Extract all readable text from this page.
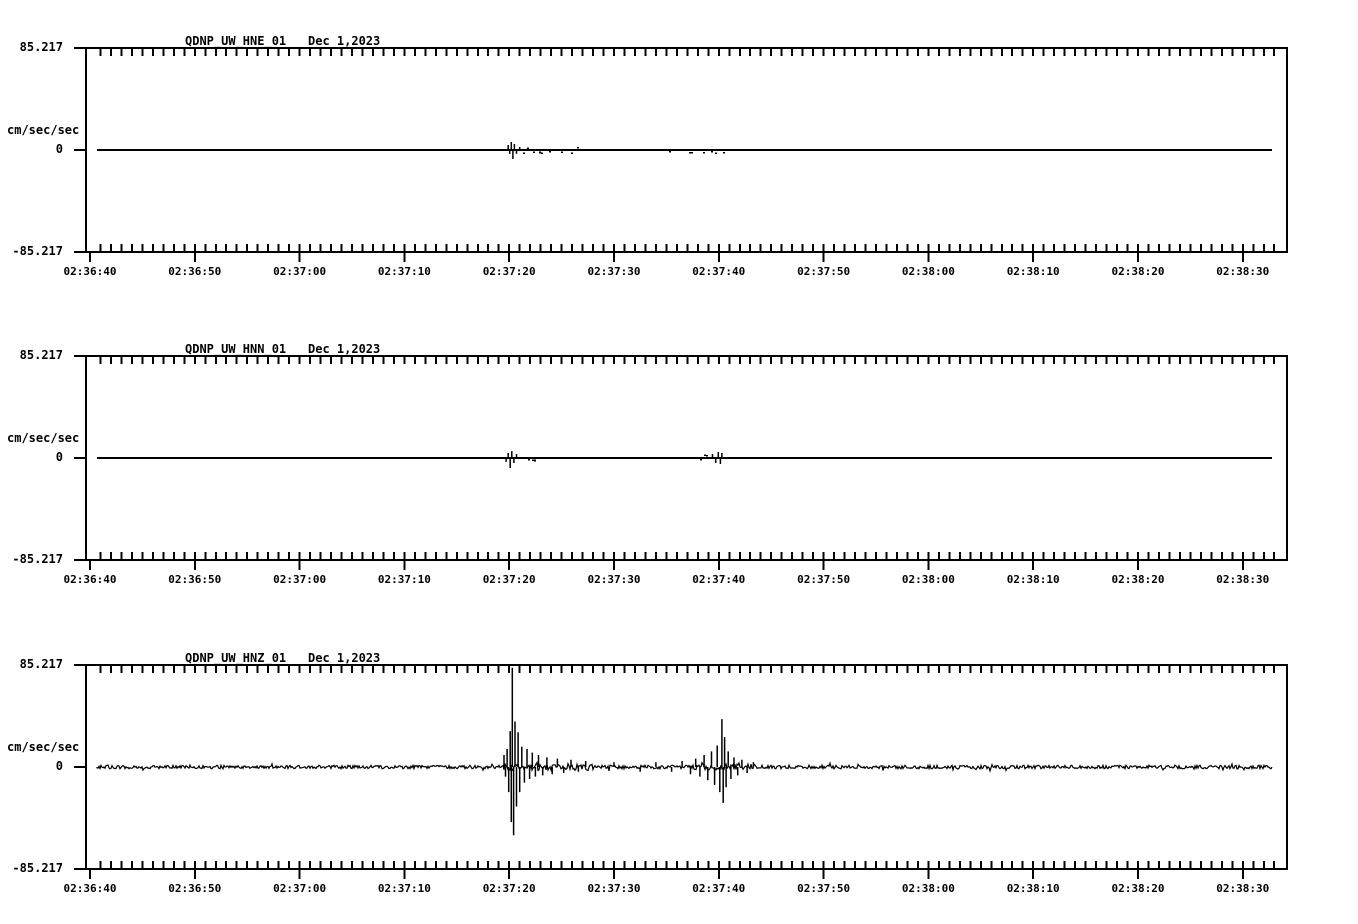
QDNP_UW_HNE_01 Dec 1,2023
85.217
cm/sec/sec
0
-85.217
02:36:40	02:36:50	02:37:00	02:37:10	02:37:20	02:37:30	02:37:40	02:37:50	02:38:00	02:38:10	02:38:20	02:38:30
QDNP_UW_HNN_01 Dec 1,2023
85.217
cm/sec/sec
0
-85.217
02:36:40	02:36:50	02:37:00	02:37:10	02:37:20	02:37:30	02:37:40	02:37:50	02:38:00	02:38:10	02:38:20	02:38:30
QDNP_UW_HNZ_01 Dec 1,2023
85.217
cm/sec/sec
0
-85.217
02:36:40	02:36:50	02:37:00	02:37:10	02:37:20	02:37:30	02:37:40	02:37:50	02:38:00	02:38:10	02:38:20	02:38:30
